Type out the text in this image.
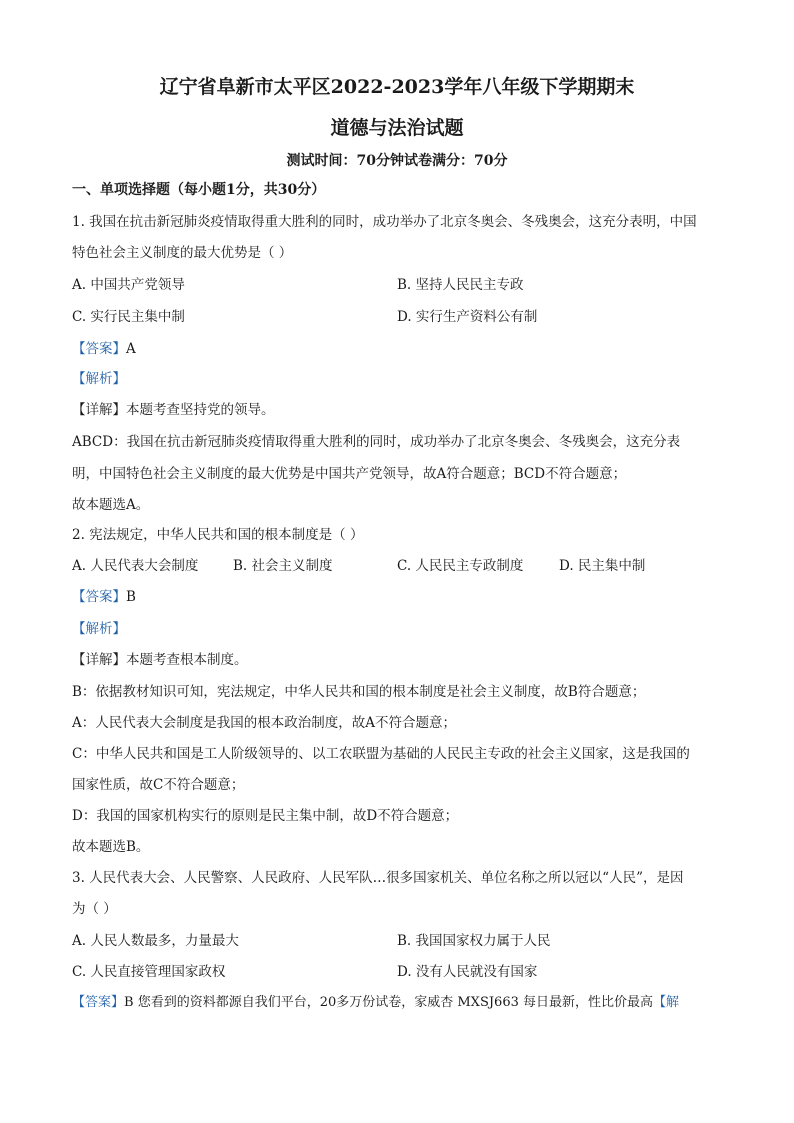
辽宁省阜新市太平区2022-2023学年八年级下学期期末
道德与法治试题
测试时间：70分钟试卷满分：70分
一、单项选择题（每小题1分，共30分）
1. 我国在抗击新冠肺炎疫情取得重大胜利的同时，成功举办了北京冬奥会、冬残奥会，这充分表明，中国
特色社会主义制度的最大优势是（ ）
A. 中国共产党领导	B. 坚持人民民主专政
C. 实行民主集中制	D. 实行生产资料公有制
【答案】A
【解析】
【详解】本题考查坚持党的领导。
ABCD：我国在抗击新冠肺炎疫情取得重大胜利的同时，成功举办了北京冬奥会、冬残奥会，这充分表
明，中国特色社会主义制度的最大优势是中国共产党领导，故A符合题意；BCD不符合题意；
故本题选A。
2. 宪法规定，中华人民共和国的根本制度是（ ）
A. 人民代表大会制度	B. 社会主义制度	C. 人民民主专政制度	D. 民主集中制
【答案】B
【解析】
【详解】本题考查根本制度。
B：依据教材知识可知，宪法规定，中华人民共和国的根本制度是社会主义制度，故B符合题意；
A：人民代表大会制度是我国的根本政治制度，故A不符合题意；
C：中华人民共和国是工人阶级领导的、以工农联盟为基础的人民民主专政的社会主义国家，这是我国的
国家性质，故C不符合题意；
D：我国的国家机构实行的原则是民主集中制，故D不符合题意；
故本题选B。
3. 人民代表大会、人民警察、人民政府、人民军队…很多国家机关、单位名称之所以冠以“人民”，是因
为（ ）
A. 人民人数最多，力量最大	B. 我国国家权力属于人民
C. 人民直接管理国家政权	D. 没有人民就没有国家
【答案】B 您看到的资料都源自我们平台，20多万份试卷，家威杏 MXSJ663 每日最新，性比价最高【解
